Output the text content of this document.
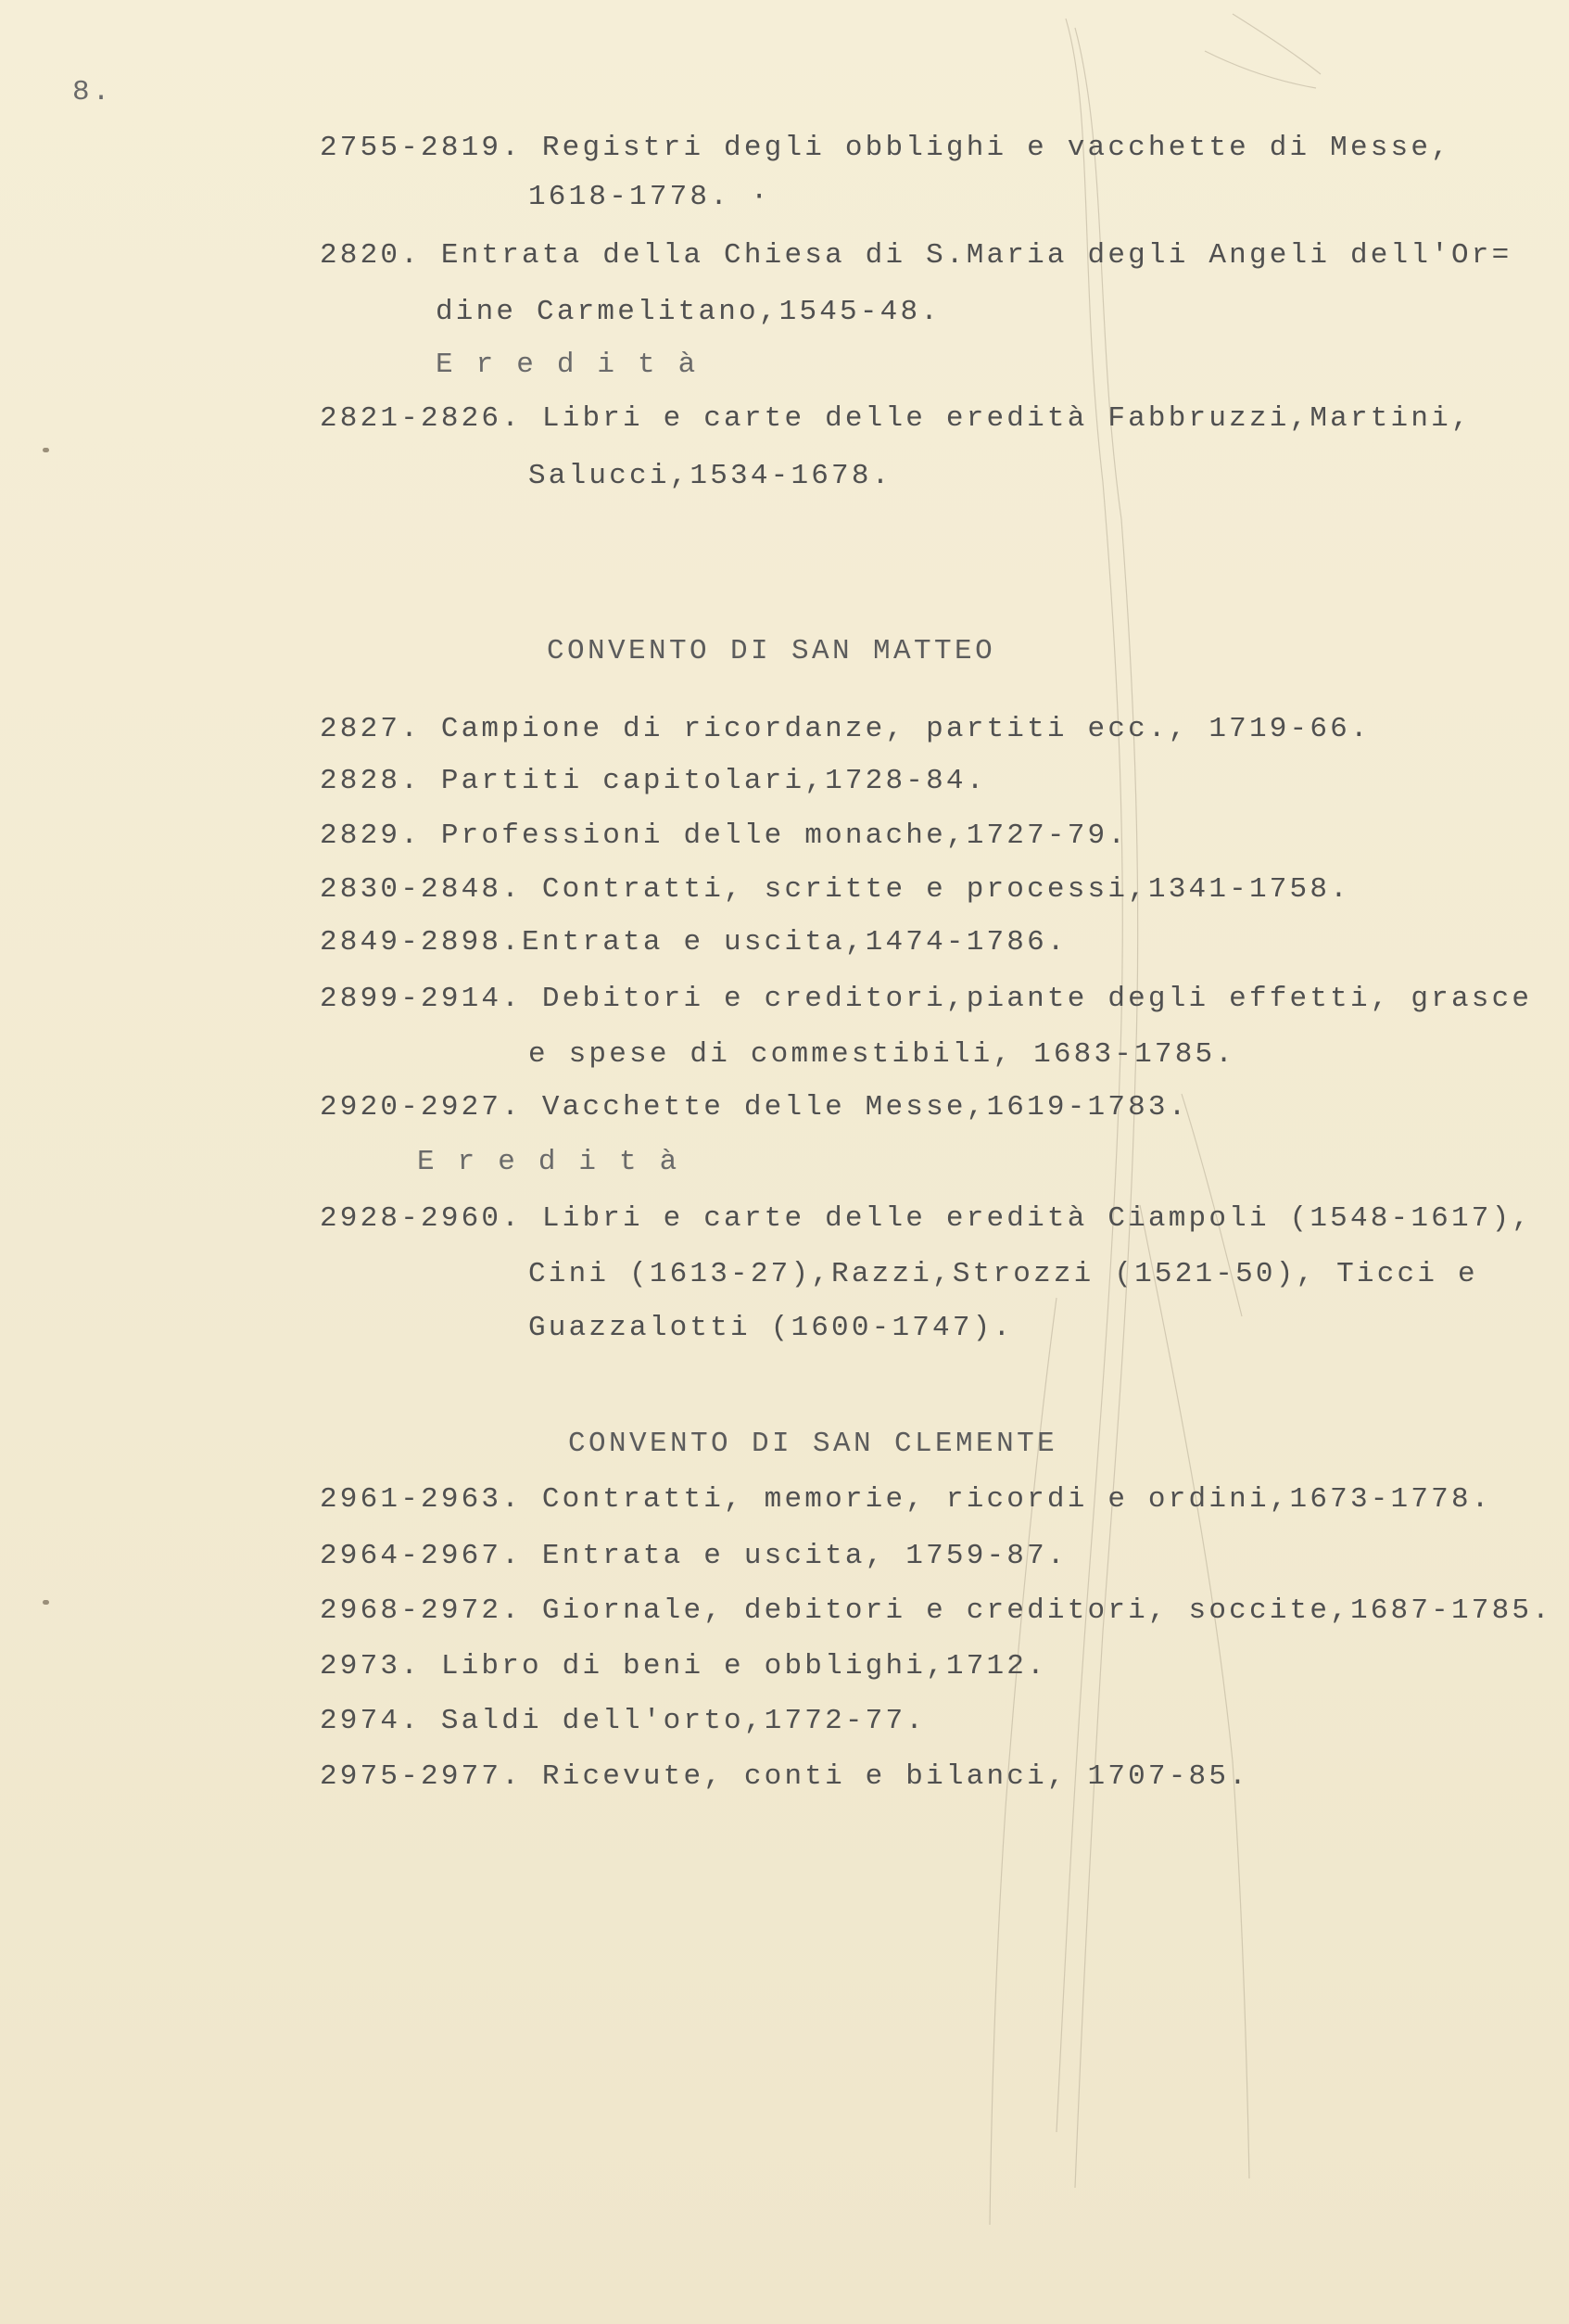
8.
2755-2819. Registri degli obblighi e vacchette di Messe,
1618-1778. ·
2820. Entrata della Chiesa di S.Maria degli Angeli dell'Or=
dine Carmelitano,1545-48.
E r e d i t à
2821-2826. Libri e carte delle eredità Fabbruzzi,Martini,
Salucci,1534-1678.
CONVENTO DI SAN MATTEO
2827. Campione di ricordanze, partiti ecc., 1719-66.
2828. Partiti capitolari,1728-84.
2829. Professioni delle monache,1727-79.
2830-2848. Contratti, scritte e processi,1341-1758.
2849-2898.Entrata e uscita,1474-1786.
2899-2914. Debitori e creditori,piante degli effetti, grasce
e spese di commestibili, 1683-1785.
2920-2927. Vacchette delle Messe,1619-1783.
E r e d i t à
2928-2960. Libri e carte delle eredità Ciampoli (1548-1617),
Cini (1613-27),Razzi,Strozzi (1521-50), Ticci e
Guazzalotti (1600-1747).
CONVENTO DI SAN CLEMENTE
2961-2963. Contratti, memorie, ricordi e ordini,1673-1778.
2964-2967. Entrata e uscita, 1759-87.
2968-2972. Giornale, debitori e creditori, soccite,1687-1785.
2973. Libro di beni e obblighi,1712.
2974. Saldi dell'orto,1772-77.
2975-2977. Ricevute, conti e bilanci, 1707-85.
